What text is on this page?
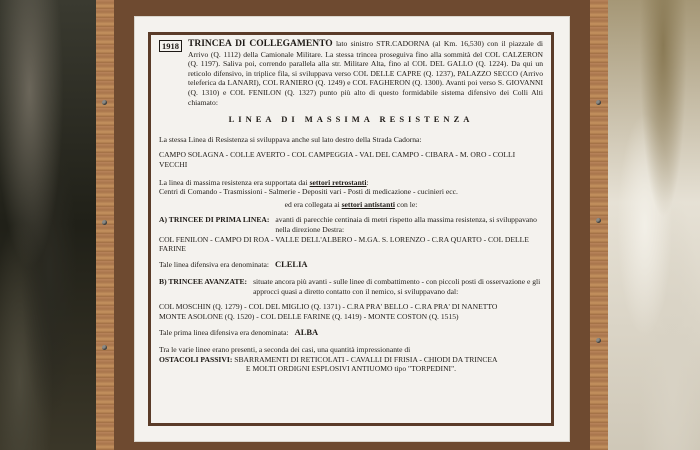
1918 TRINCEA DI COLLEGAMENTO lato sinistro STR.CADORNA (al Km. 16,530) con il piazzale di Arrivo (Q. 1112) della Camionale Militare. La stessa trincea proseguiva fino alla sommità del COL CALZERON (Q. 1197). Saliva poi, correndo parallela alla str. Militare Alta, fino al COL DEL GALLO (Q. 1224). Da qui un reticolo difensivo, in triplice fila, si sviluppava verso COL DELLE CAPRE (Q. 1237), PALAZZO SECCO (Arrivo teleferica da LANARI), COL RANIERO (Q. 1249) e COL FAGHERON (Q. 1300). Avanti poi verso S. GIOVANNI (Q. 1310) e COL FENILON (Q. 1327) punto più alto di questo formidabile sistema difensivo dei Colli Alti chiamato:
LINEA DI MASSIMA RESISTENZA

La stessa Linea di Resistenza si sviluppava anche sul lato destro della Strada Cadorna:

CAMPO SOLAGNA - COLLE AVERTO - COL CAMPEGGIA - VAL DEL CAMPO - CIBARA - M. ORO - COLLI VECCHI

La linea di massima resistenza era supportata dai settori retrostanti:

Centri di Comando - Trasmissioni - Salmerie - Depositi vari - Posti di medicazione - cucinieri ecc.

ed era collegata ai settori antistanti con le:

A) TRINCEE DI PRIMA LINEA: avanti di parecchie centinaia di metri rispetto alla massima resistenza, si sviluppavano nella direzione Destra:

COL FENILON - CAMPO DI ROA - VALLE DELL'ALBERO - M.GA. S. LORENZO - C.RA QUARTO - COL DELLE FARINE

Tale linea difensiva era denominata: CLELIA

B) TRINCEE AVANZATE: situate ancora più avanti - sulle linee di combattimento - con piccoli posti di osservazione e gli approcci quasi a diretto contatto con il nemico, si sviluppavano dal:

COL MOSCHIN (Q. 1279) - COL DEL MIGLIO (Q. 1371) - C.RA PRA' BELLO - C.RA PRA' DI NANETTO

MONTE ASOLONE (Q. 1520) - COL DELLE FARINE (Q. 1419) - MONTE COSTON (Q. 1515)

Tale prima linea difensiva era denominata: ALBA

Tra le varie linee erano presenti, a seconda dei casi, una quantità impressionante di

OSTACOLI PASSIVI: SBARRAMENTI DI RETICOLATI - CAVALLI DI FRISIA - CHIODI DA TRINCEA

E MOLTI ORDIGNI ESPLOSIVI ANTIUOMO tipo "TORPEDINI".
